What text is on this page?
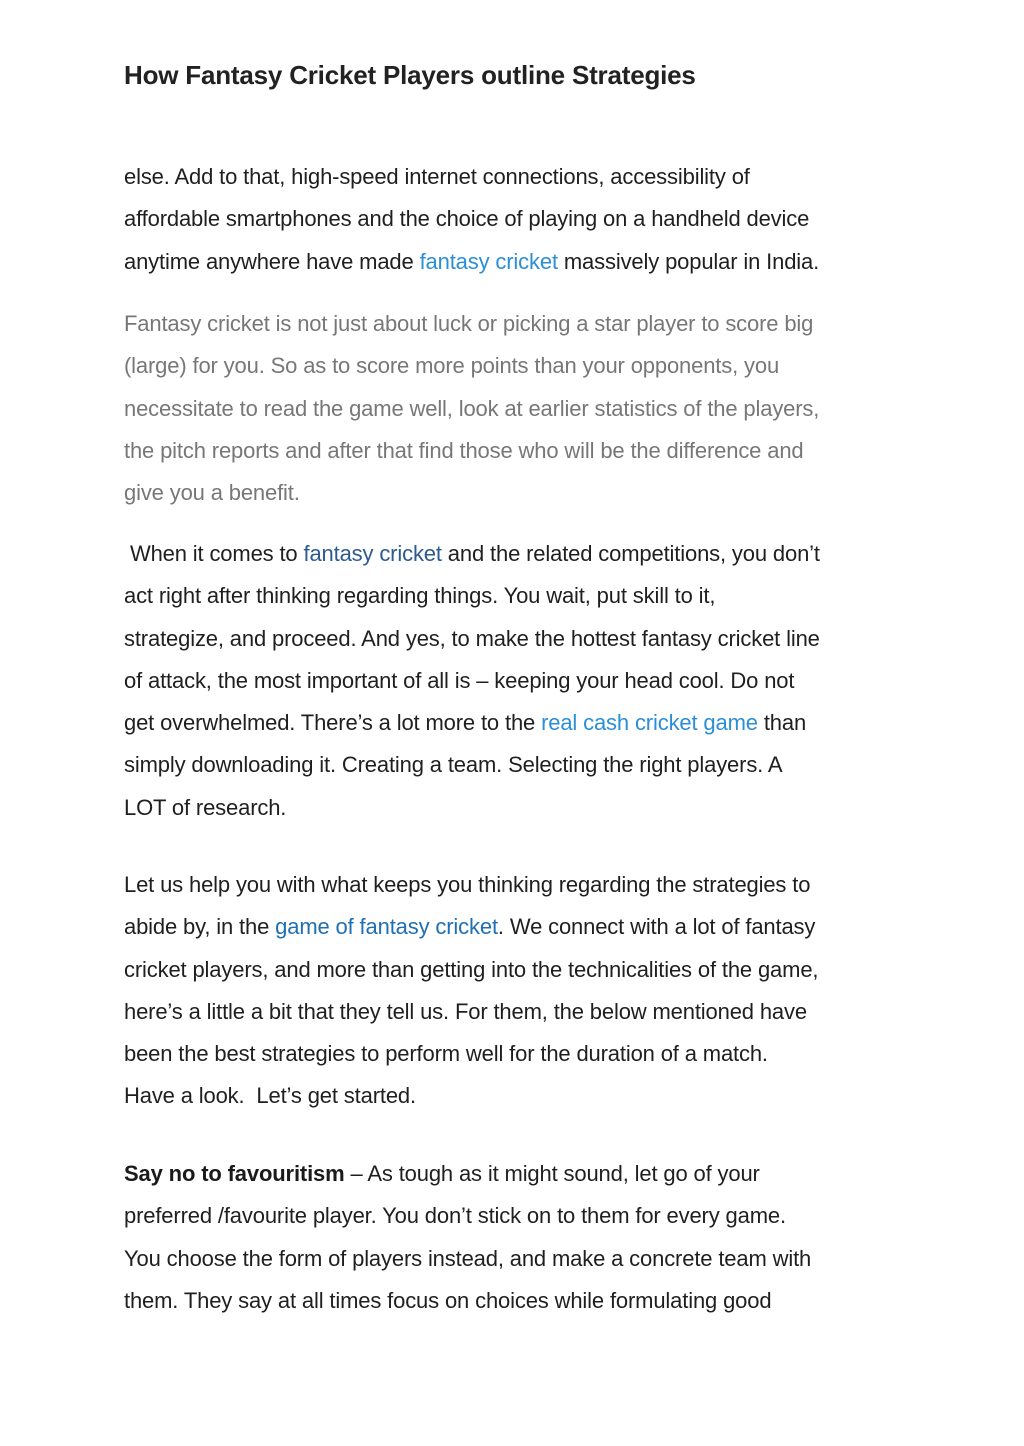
How Fantasy Cricket Players outline Strategies

else. Add to that, high-speed internet connections, accessibility of
affordable smartphones and the choice of playing on a handheld device
anytime anywhere have made fantasy cricket massively popular in India.

Fantasy cricket is not just about luck or picking a star player to score big
(large) for you. So as to score more points than your opponents, you
necessitate to read the game well, look at earlier statistics of the players,
the pitch reports and after that find those who will be the difference and
give you a benefit.

When it comes to fantasy cricket and the related competitions, you don’t
act right after thinking regarding things. You wait, put skill to it,
strategize, and proceed. And yes, to make the hottest fantasy cricket line
of attack, the most important of all is – keeping your head cool. Do not
get overwhelmed. There’s a lot more to the real cash cricket game than
simply downloading it. Creating a team. Selecting the right players. A
LOT of research.

Let us help you with what keeps you thinking regarding the strategies to
abide by, in the game of fantasy cricket. We connect with a lot of fantasy
cricket players, and more than getting into the technicalities of the game,
here’s a little a bit that they tell us. For them, the below mentioned have
been the best strategies to perform well for the duration of a match.
Have a look.  Let’s get started.

Say no to favouritism – As tough as it might sound, let go of your
preferred /favourite player. You don’t stick on to them for every game.
You choose the form of players instead, and make a concrete team with
them. They say at all times focus on choices while formulating good
